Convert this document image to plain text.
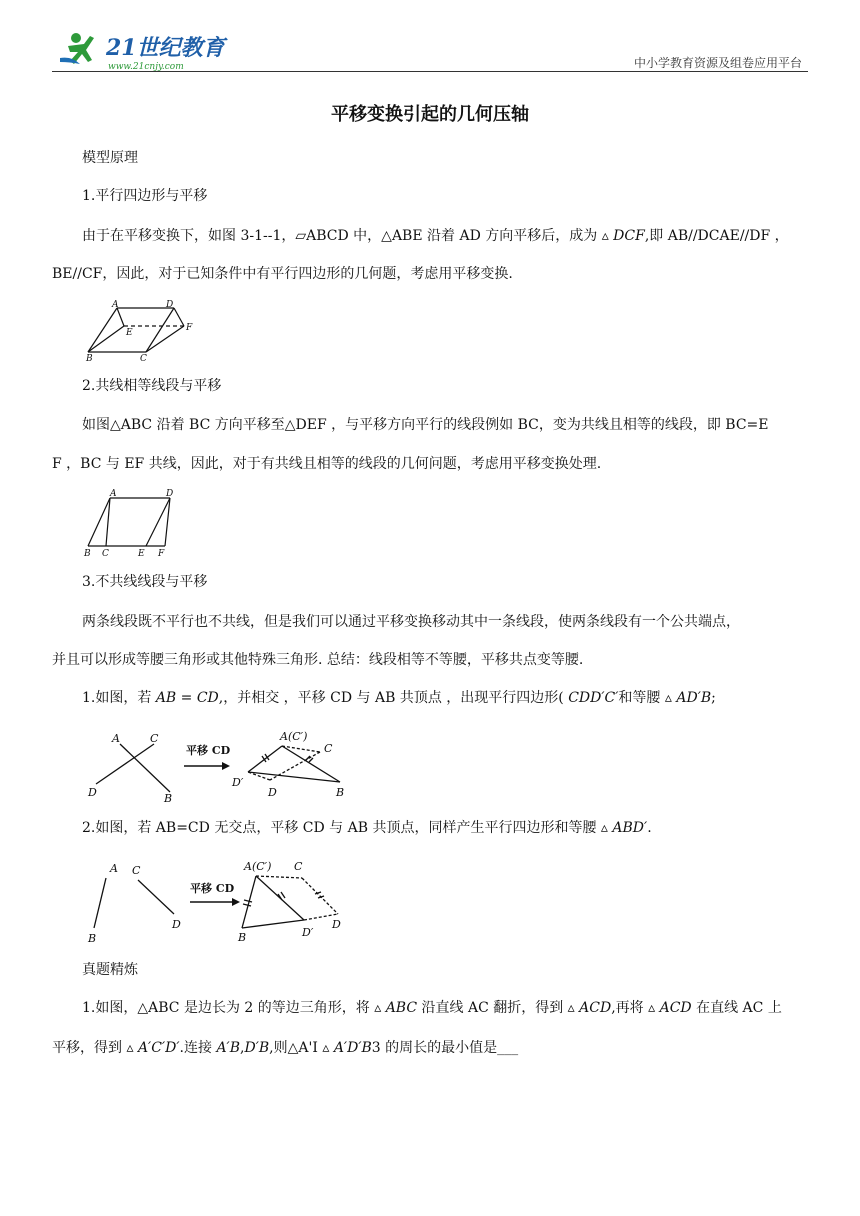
21世纪教育
www.21cnjy.com	中小学教育资源及组卷应用平台
平移变换引起的几何压轴
模型原理
1.平行四边形与平移
由于在平移变换下，如图 3-1--1，▱ABCD 中，△ABE 沿着 AD 方向平移后，成为 ▵ DCF,即 AB//DCAE//DF ，
BE//CF，因此，对于已知条件中有平行四边形的几何题，考虑用平移变换.
A	D
E	F
B	C
2.共线相等线段与平移
如图△ABC 沿着 BC 方向平移至△DEF ，与平移方向平行的线段例如 BC，变为共线且相等的线段，即 BC=E
F ，BC 与 EF 共线，因此，对于有共线且相等的线段的几何问题，考虑用平移变换处理.
A	D
B C	E F
3.不共线线段与平移
两条线段既不平行也不共线，但是我们可以通过平移变换移动其中一条线段，使两条线段有一个公共端点，
并且可以形成等腰三角形或其他特殊三角形. 总结：线段相等不等腰，平移共点变等腰.
1.如图，若 AB = CD,，并相交 ，平移 CD 与 AB 共顶点 ，出现平行四边形( CDD′C′和等腰 ▵ AD′B;
A	C
D	B
平移 CD
A(C′)
C
D′
D	B
2.如图，若 AB=CD 无交点，平移 CD 与 AB 共顶点，同样产生平行四边形和等腰 ▵ ABD′.
A C
B
D
平移 CD
A(C′) C
B	D′
D
真题精炼
1.如图，△ABC 是边长为 2 的等边三角形，将 ▵ ABC 沿直线 AC 翻折，得到 ▵ ACD,再将 ▵ ACD 在直线 AC 上
平移，得到 ▵ A′C′D′.连接 A′B,D′B,则△A'I ▵ A′D′B3 的周长的最小值是___
